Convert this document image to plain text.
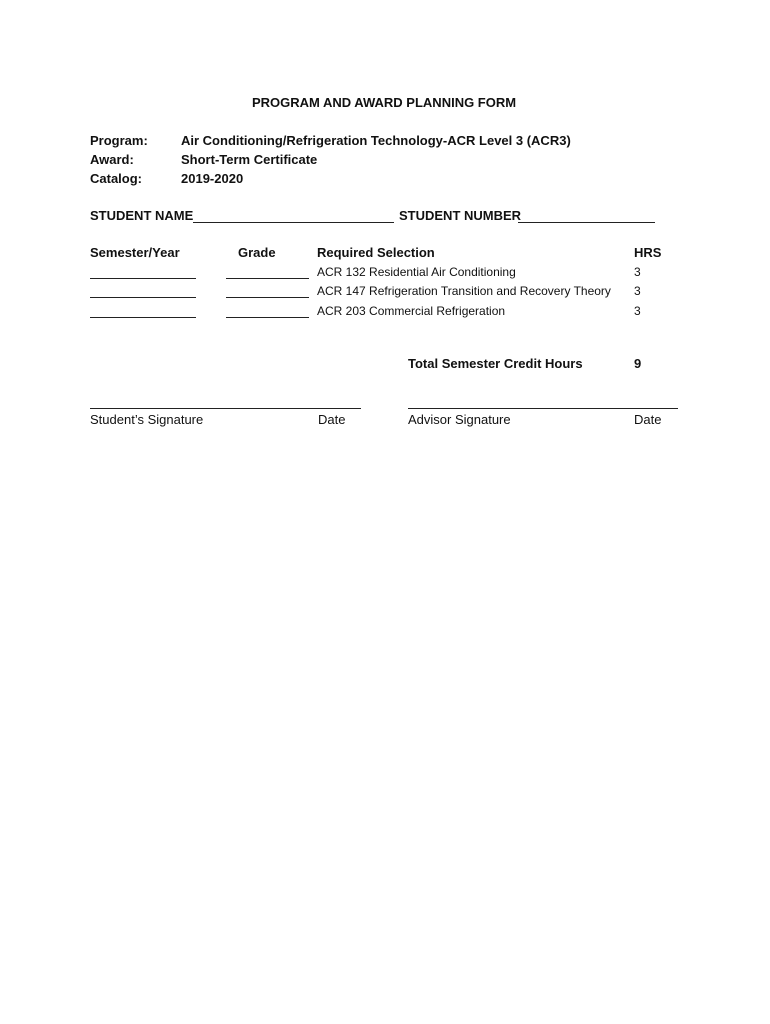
PROGRAM AND AWARD PLANNING FORM
Program:	Air Conditioning/Refrigeration Technology-ACR Level 3 (ACR3)
Award:	Short-Term Certificate
Catalog:	2019-2020
STUDENT NAME	STUDENT NUMBER
Semester/Year	Grade	Required Selection	HRS
ACR 132 Residential Air Conditioning	3
ACR 147 Refrigeration Transition and Recovery Theory 3
ACR 203 Commercial Refrigeration	3
Total Semester Credit Hours	9
Student’s Signature	Date	Advisor Signature	Date
